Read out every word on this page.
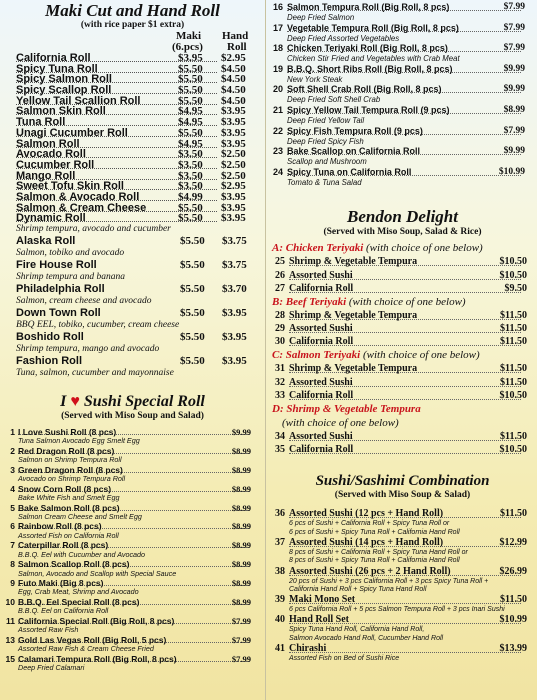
Maki Cut and Hand Roll
(with rice paper $1 extra)
Maki Hand
(6.pcs) Roll
California Roll	$3.95 $2.95
Spicy Tuna Roll	$5.50 $4.50
Spicy Salmon Roll	$5.50 $4.50
Spicy Scallop Roll	$5.50 $4.50
Yellow Tail Scallion Roll	$5.50 $4.50
Salmon Skin Roll	$4.95 $3.95
Tuna Roll	$4.95 $3.95
Unagi Cucumber Roll	$5.50 $3.95
Salmon Roll	$4.95 $3.95
Avocado Roll	$3.50 $2.50
Cucumber Roll	$3.50 $2.50
Mango Roll	$3.50 $2.50
Sweet Tofu Skin Roll	$3.50 $2.95
Salmon & Avocado Roll	$4.99 $3.95
Salmon & Cream Cheese	$5.50 $3.95
Dynamic Roll	$5.50 $3.95
Shrimp tempura, avocado and cucumber
Alaska Roll	$5.50 $3.75
Salmon, tobiko and avocado
Fire House Roll	$5.50 $3.75
Shrimp tempura and banana
Philadelphia Roll	$5.50 $3.70
Salmon, cream cheese and avocado
Down Town Roll	$5.50 $3.95
BBQ EEL, tobiko, cucumber, cream cheese
Boshido Roll	$5.50 $3.95
Shrimp tempura, mango and avocado
Fashion Roll	$5.50 $3.95
Tuna, salmon, cucumber and mayonnaise
I ♥ Sushi Special Roll
(Served with Miso Soup and Salad)
1 I Love Sushi Roll (8 pcs)	$9.99
Tuna Salmon Avocado Egg Smelt Egg
2 Red Dragon Roll (8 pcs)	$8.99
Salmon on Shrimp Tempura Roll
3 Green Dragon Roll (8 pcs)	$8.99
Avocado on Shrimp Tempura Roll
4 Snow Corn Roll (8 pcs)	$8.99
Bake White Fish and Smelt Egg
5 Bake Salmon Roll (8 pcs)	$8.99
Salmon Cream Cheese and Smelt Egg
6 Rainbow Roll (8 pcs)	$8.99
Assorted Fish on California Roll
7 Caterpillar Roll (8 pcs)	$8.99
B.B.Q. Eel with Cucumber and Avocado
8 Salmon Scallop Roll (8 pcs)	$8.99
Salmon, Avocado and Scallop with Special Sauce
9 Futo Maki (Big 8 pcs)	$8.99
Egg, Crab Meat, Shrimp and Avocado
10 B.B.Q. Eel Special Roll (8 pcs)	$8.99
B.B.Q. Eel on California Roll
11 California Special Roll (Big Roll, 8 pcs)	$7.99
Assorted Raw Fish
13 Gold Las Vegas Roll (Big Roll, 5 pcs)	$7.99
Assorted Raw Fish & Cream Cheese Fried
15 Calamari Tempura Roll (Big Roll, 8 pcs)	$7.99
Deep Fried Calamari
16 Salmon Tempura Roll (Big Roll, 8 pcs)	$7.99
Deep Fried Salmon
17 Vegetable Tempura Roll (Big Roll, 8 pcs)	$7.99
Deep Fried Assorted Vegetables
18 Chicken Teriyaki Roll (Big Roll, 8 pcs)	$7.99
Chicken Stir Fried and Vegetables with Crab Meat
19 B.B.Q. Short Ribs Roll (Big Roll, 8 pcs)	$9.99
New York Steak
20 Soft Shell Crab Roll (Big Roll, 8 pcs)	$9.99
Deep Fried Soft Shell Crab
21 Spicy Yellow Tail Tempura Roll (9 pcs)	$8.99
Deep Fried Yellow Tail
22 Spicy Fish Tempura Roll (9 pcs)	$7.99
Deep Fried Spicy Fish
23 Bake Scallop on California Roll	$9.99
Scallop and Mushroom
24 Spicy Tuna on California Roll	$10.99
Tomato & Tuna Salad
Bendon Delight
(Served with Miso Soup, Salad & Rice)
A: Chicken Teriyaki (with choice of one below)
25 Shrimp & Vegetable Tempura	$10.50
26 Assorted Sushi	$10.50
27 California Roll	$9.50
B: Beef Teriyaki (with choice of one below)
28 Shrimp & Vegetable Tempura	$11.50
29 Assorted Sushi	$11.50
30 California Roll	$11.50
C: Salmon Teriyaki (with choice of one below)
31 Shrimp & Vegetable Tempura	$11.50
32 Assorted Sushi	$11.50
33 California Roll	$10.50
D: Shrimp & Vegetable Tempura
(with choice of one below)
34 Assorted Sushi	$11.50
35 California Roll	$10.50
Sushi/Sashimi Combination
(Served with Miso Soup & Salad)
36 Assorted Sushi (12 pcs + Hand Roll)	$11.50
6 pcs of Sushi + California Roll + Spicy Tuna Roll or
6 pcs of Sushi + Spicy Tuna Roll + California Hand Roll
37 Assorted Sushi (14 pcs + Hand Roll)	$12.99
8 pcs of Sushi + California Roll + Spicy Tuna Hand Roll or
8 pcs of Sushi + Spicy Tuna Roll + California Hand Roll
38 Assorted Sushi (26 pcs + 2 Hand Roll)	$26.99
20 pcs of Sushi + 3 pcs California Roll + 3 pcs Spicy Tuna Roll +
California Hand Roll + Spicy Tuna Hand Roll
39 Maki Mono Set	$11.50
6 pcs California Roll + 5 pcs Salmon Tempura Roll + 3 pcs Inari Sushi
40 Hand Roll Set	$10.99
Spicy Tuna Hand Roll, California Hand Roll,
Salmon Avocado Hand Roll, Cucumber Hand Roll
41 Chirashi	$13.99
Assorted Fish on Bed of Sushi Rice
